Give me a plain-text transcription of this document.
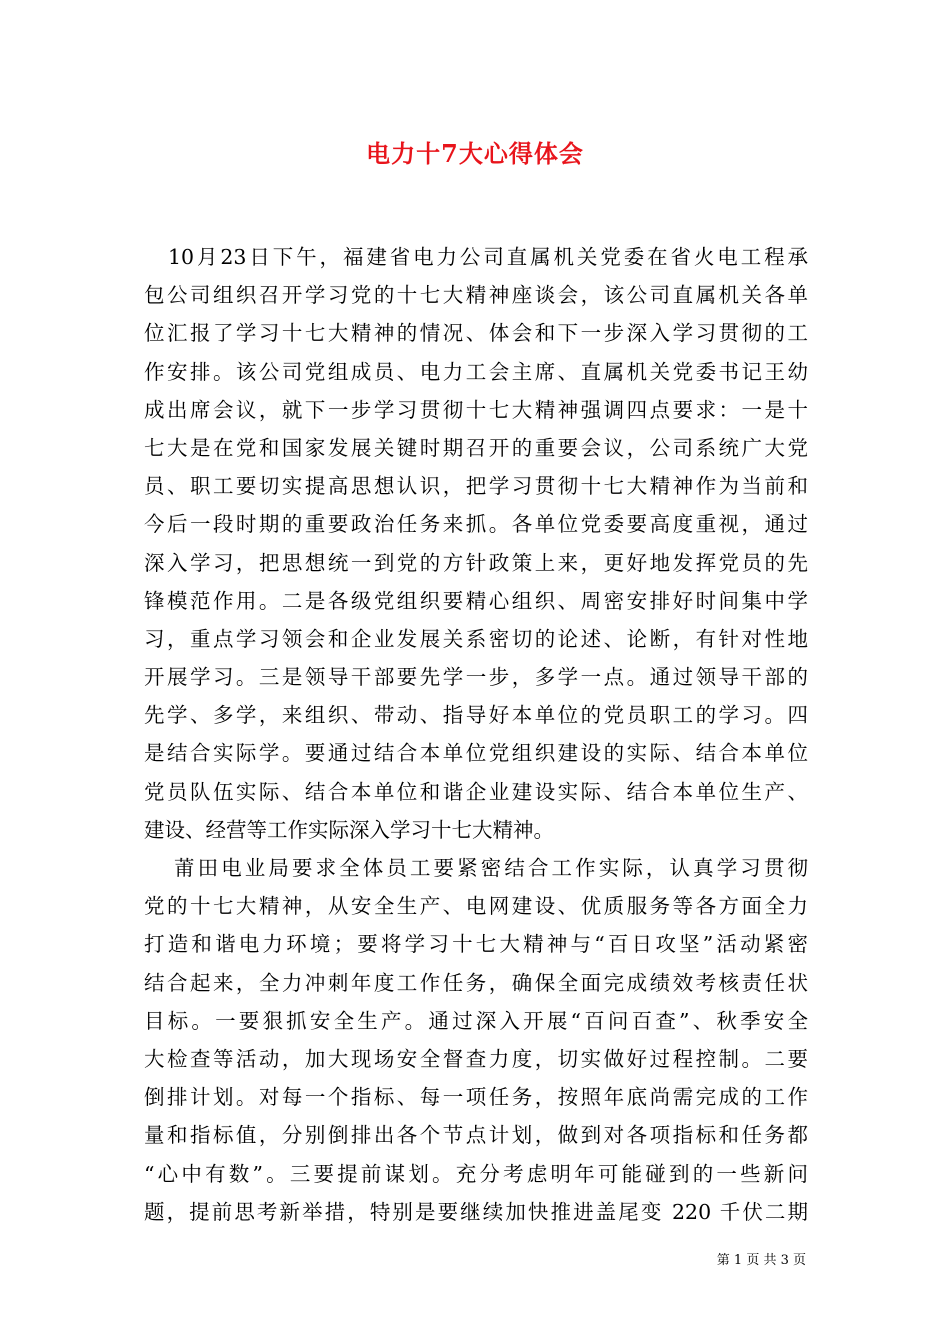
电力十7大心得体会
10月23日下午，福建省电力公司直属机关党委在省火电工程承
包公司组织召开学习党的十七大精神座谈会，该公司直属机关各单
位汇报了学习十七大精神的情况、体会和下一步深入学习贯彻的工
作安排。该公司党组成员、电力工会主席、直属机关党委书记王幼
成出席会议，就下一步学习贯彻十七大精神强调四点要求：一是十
七大是在党和国家发展关键时期召开的重要会议，公司系统广大党
员、职工要切实提高思想认识，把学习贯彻十七大精神作为当前和
今后一段时期的重要政治任务来抓。各单位党委要高度重视，通过
深入学习，把思想统一到党的方针政策上来，更好地发挥党员的先
锋模范作用。二是各级党组织要精心组织、周密安排好时间集中学
习，重点学习领会和企业发展关系密切的论述、论断，有针对性地
开展学习。三是领导干部要先学一步，多学一点。通过领导干部的
先学、多学，来组织、带动、指导好本单位的党员职工的学习。四
是结合实际学。要通过结合本单位党组织建设的实际、结合本单位
党员队伍实际、结合本单位和谐企业建设实际、结合本单位生产、
建设、经营等工作实际深入学习十七大精神。
莆田电业局要求全体员工要紧密结合工作实际，认真学习贯彻
党的十七大精神，从安全生产、电网建设、优质服务等各方面全力
打造和谐电力环境；要将学习十七大精神与“百日攻坚”活动紧密
结合起来，全力冲刺年度工作任务，确保全面完成绩效考核责任状
目标。一要狠抓安全生产。通过深入开展“百问百查”、秋季安全
大检查等活动，加大现场安全督查力度，切实做好过程控制。二要
倒排计划。对每一个指标、每一项任务，按照年底尚需完成的工作
量和指标值，分别倒排出各个节点计划，做到对各项指标和任务都
“心中有数”。三要提前谋划。充分考虑明年可能碰到的一些新问
题，提前思考新举措，特别是要继续加快推进盖尾变 220 千伏二期
第 1 页 共 3 页
